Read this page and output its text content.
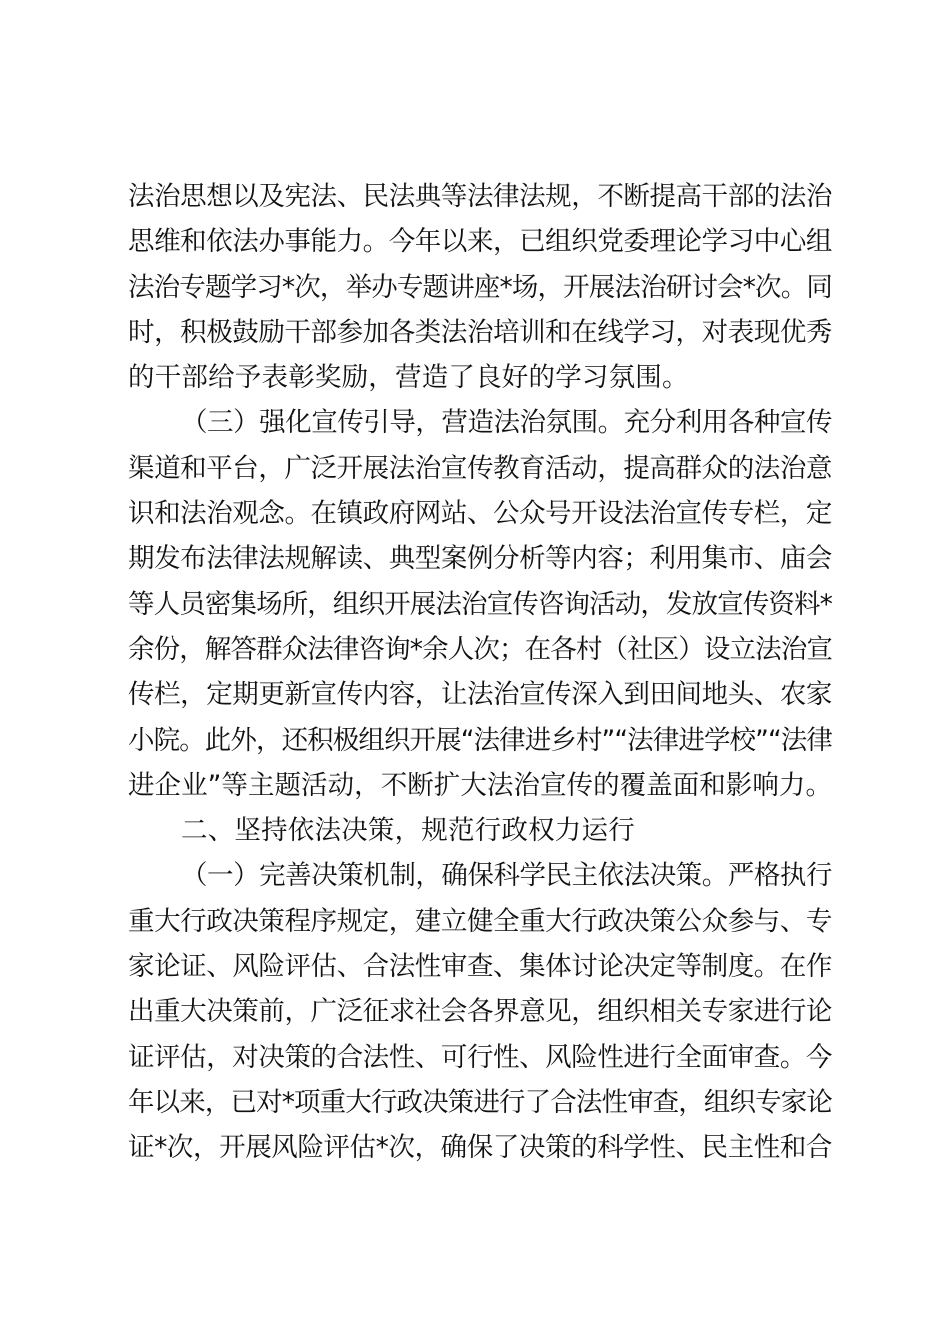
法治思想以及宪法、民法典等法律法规，不断提高干部的法治
思维和依法办事能力。今年以来，已组织党委理论学习中心组
法治专题学习*次，举办专题讲座*场，开展法治研讨会*次。同
时，积极鼓励干部参加各类法治培训和在线学习，对表现优秀
的干部给予表彰奖励，营造了良好的学习氛围。
（三）强化宣传引导，营造法治氛围。充分利用各种宣传
渠道和平台，广泛开展法治宣传教育活动，提高群众的法治意
识和法治观念。在镇政府网站、公众号开设法治宣传专栏，定
期发布法律法规解读、典型案例分析等内容；利用集市、庙会
等人员密集场所，组织开展法治宣传咨询活动，发放宣传资料*
余份，解答群众法律咨询*余人次；在各村（社区）设立法治宣
传栏，定期更新宣传内容，让法治宣传深入到田间地头、农家
小院。此外，还积极组织开展“法律进乡村”“法律进学校”“法律
进企业”等主题活动，不断扩大法治宣传的覆盖面和影响力。
二、坚持依法决策，规范行政权力运行
（一）完善决策机制，确保科学民主依法决策。严格执行
重大行政决策程序规定，建立健全重大行政决策公众参与、专
家论证、风险评估、合法性审查、集体讨论决定等制度。在作
出重大决策前，广泛征求社会各界意见，组织相关专家进行论
证评估，对决策的合法性、可行性、风险性进行全面审查。今
年以来，已对*项重大行政决策进行了合法性审查，组织专家论
证*次，开展风险评估*次，确保了决策的科学性、民主性和合
